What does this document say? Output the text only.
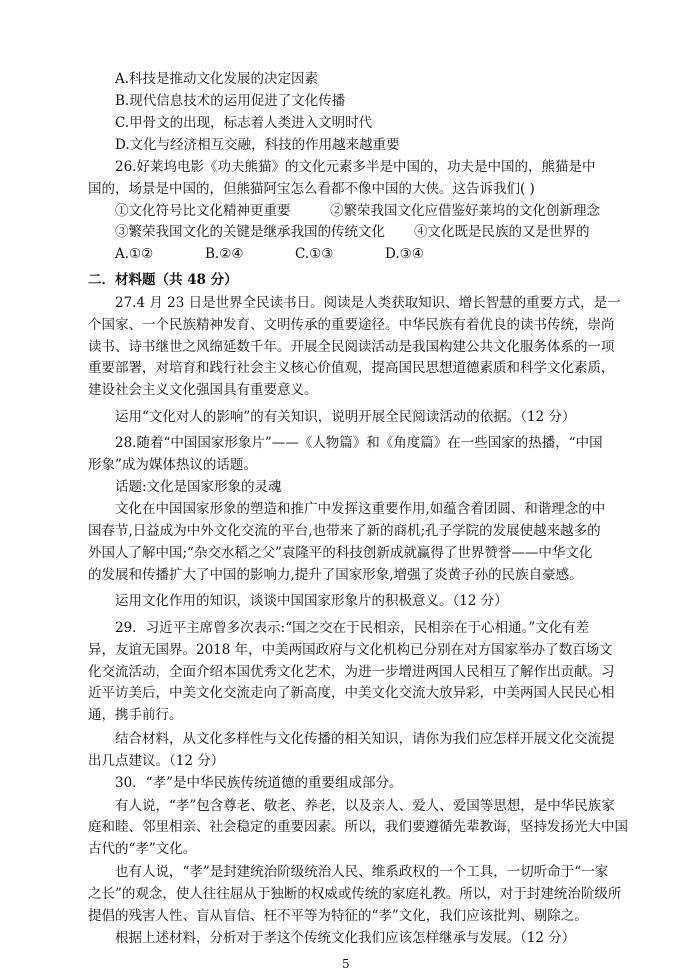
A.科技是推动文化发展的决定因素
B.现代信息技术的运用促进了文化传播
C.甲骨文的出现，标志着人类进入文明时代
D.文化与经济相互交融，科技的作用越来越重要
26.好莱坞电影《功夫熊猫》的文化元素多半是中国的，功夫是中国的，熊猫是中
国的，场景是中国的，但熊猫阿宝怎么看都不像中国的大侠。这告诉我们( )
①文化符号比文化精神更重要	②繁荣我国文化应借鉴好莱坞的文化创新理念
③繁荣我国文化的关键是继承我国的传统文化 ④文化既是民族的又是世界的
A.①②	B.②④	C.①③	D.③④
二．材料题（共 48 分）
27.4 月 23 日是世界全民读书日。阅读是人类获取知识、增长智慧的重要方式，是一
个国家、一个民族精神发育、文明传承的重要途径。中华民族有着优良的读书传统，崇尚
读书、诗书继世之风绵延数千年。开展全民阅读活动是我国构建公共文化服务体系的一项
重要部署，对培育和践行社会主义核心价值观，提高国民思想道德素质和科学文化素质，
建设社会主义文化强国具有重要意义。
运用“文化对人的影响”的有关知识，说明开展全民阅读活动的依据。（12 分）
28.随着“中国国家形象片”——《人物篇》和《角度篇》在一些国家的热播，“中国
形象”成为媒体热议的话题。
话题:文化是国家形象的灵魂
文化在中国国家形象的塑造和推广中发挥这重要作用,如蕴含着团圆、和谐理念的中
国春节,日益成为中外文化交流的平台,也带来了新的商机;孔子学院的发展使越来越多的
外国人了解中国;“杂交水稻之父”袁隆平的科技创新成就赢得了世界赞誉——中华文化
的发展和传播扩大了中国的影响力,提升了国家形象,增强了炎黄子孙的民族自豪感。
运用文化作用的知识，谈谈中国国家形象片的积极意义。（12 分）
29．习近平主席曾多次表示:“国之交在于民相亲，民相亲在于心相通。”文化有差
异，友谊无国界。2018 年，中美两国政府与文化机构已分别在对方国家举办了数百场文
化交流活动，全面介绍本国优秀文化艺术，为进一步增进两国人民相互了解作出贡献。习
近平访美后，中美文化交流走向了新高度，中美文化交流大放异彩，中美两国人民民心相
通，携手前行。
结合材料，从文化多样性与文化传播的相关知识，请你为我们应怎样开展文化交流提
出几点建议。（12 分）
30．“孝”是中华民族传统道德的重要组成部分。
有人说，“孝”包含尊老、敬老、养老，以及亲人、爱人、爱国等思想，是中华民族家
庭和睦、邻里相亲、社会稳定的重要因素。所以，我们要遵循先辈教诲，坚持发扬光大中国
古代的“孝”文化。
也有人说，“孝”是封建统治阶级统治人民、维系政权的一个工具，一切听命于“一家
之长”的观念，使人往往屈从于独断的权威或传统的家庭礼教。所以，对于封建统治阶级所
提倡的残害人性、盲从盲信、枉不平等为特征的“孝”文化，我们应该批判、剔除之。
根据上述材料，分析对于孝这个传统文化我们应该怎样继承与发展。（12 分）
5
